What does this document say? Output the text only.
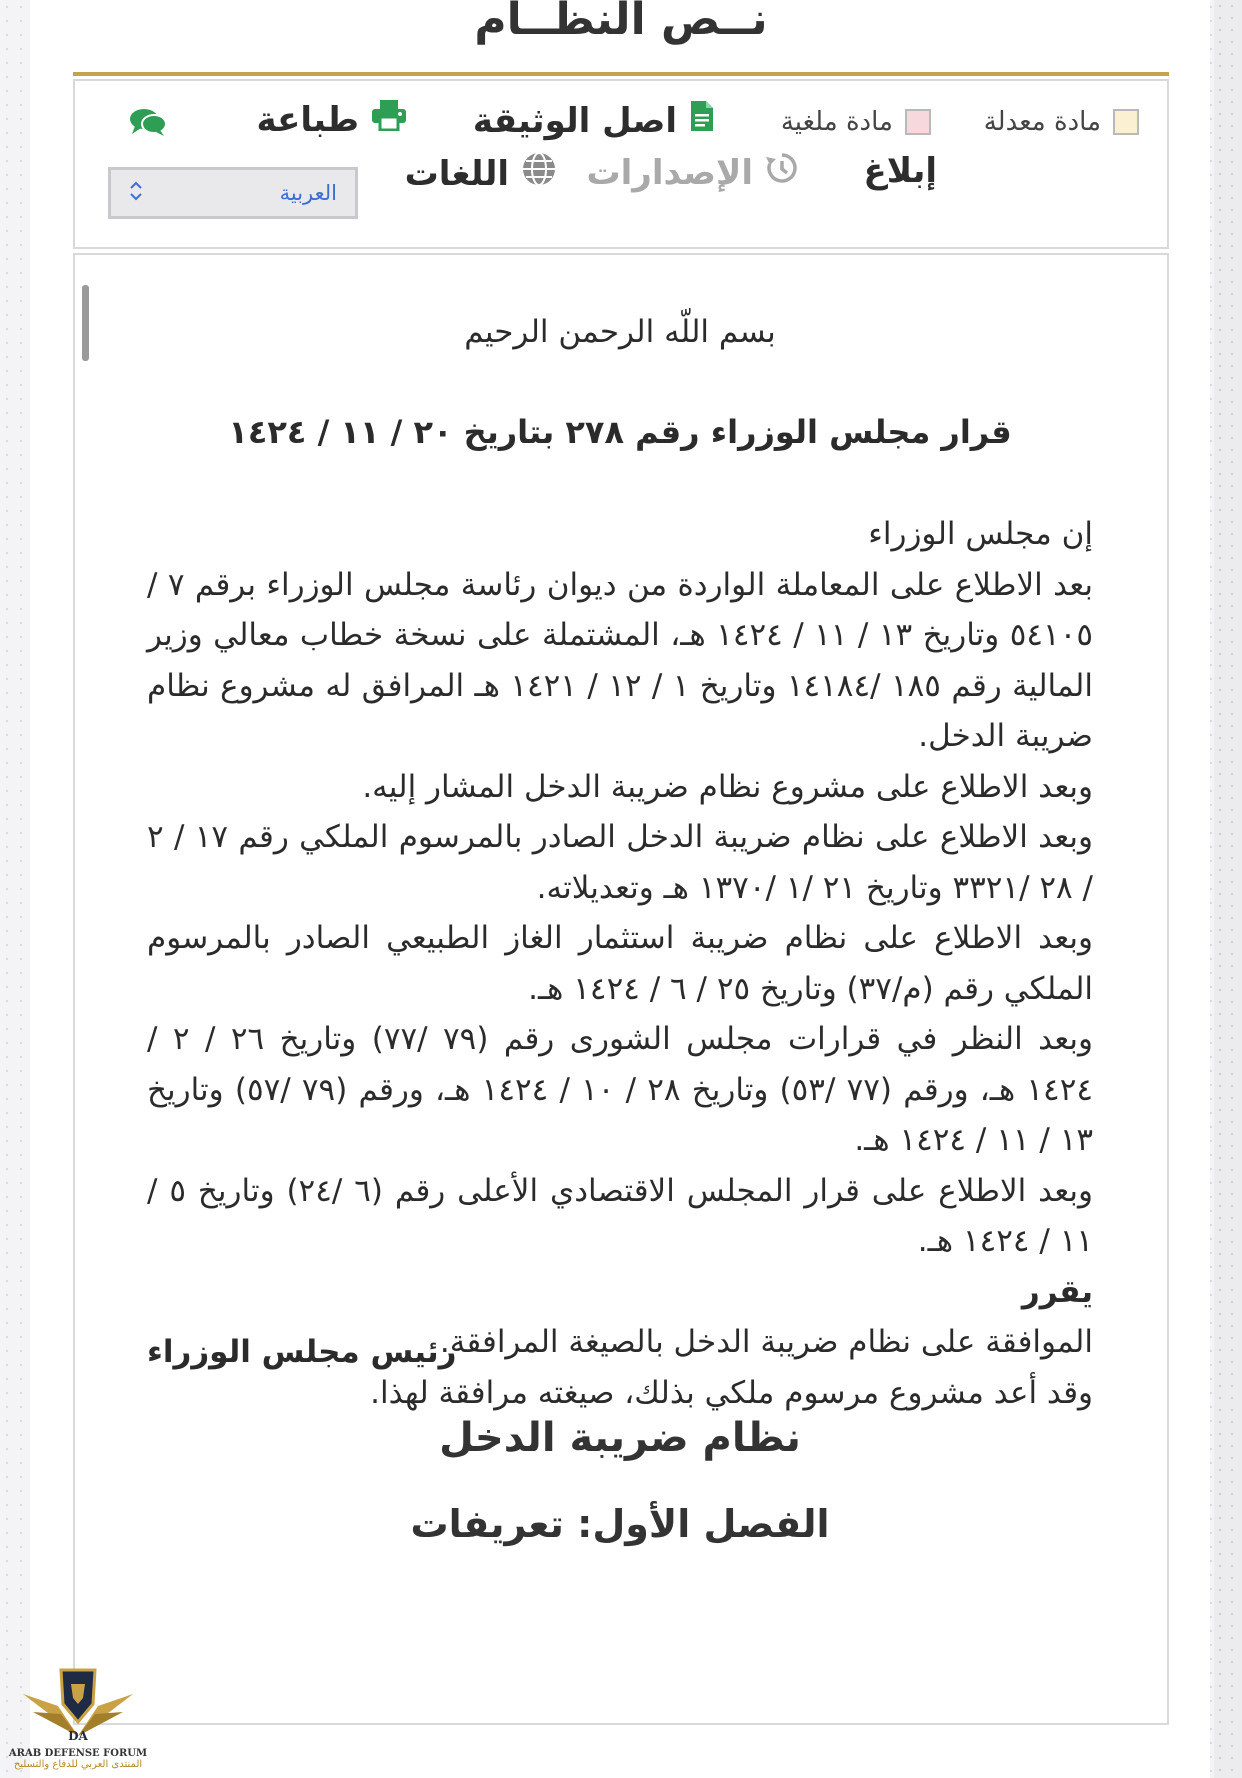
نــص النظــام
مادة معدلة
مادة ملغية
اصل الوثيقة
طباعة
إبلاغ
الإصدارات
اللغات
العربية
بسم اللّه الرحمن الرحيم
قرار مجلس الوزراء رقم ٢٧٨ بتاريخ ٢٠ / ١١ / ١٤٢٤

إن مجلس الوزراء

بعد الاطلاع على المعاملة الواردة من ديوان رئاسة مجلس الوزراء برقم ٧ /٥٤١٠٥ وتاريخ ١٣ / ١١ / ١٤٢٤ هـ، المشتملة على نسخة خطاب معالي وزير المالية رقم ١٨٥ /١٤١٨٤ وتاريخ ١ / ١٢ / ١٤٢١ هـ المرافق له مشروع نظام ضريبة الدخل.

وبعد الاطلاع على مشروع نظام ضريبة الدخل المشار إليه.

وبعد الاطلاع على نظام ضريبة الدخل الصادر بالمرسوم الملكي رقم ١٧ / ٢ / ٢٨ /٣٣٢١ وتاريخ ٢١ /١ /١٣٧٠ هـ وتعديلاته.

وبعد الاطلاع على نظام ضريبة استثمار الغاز الطبيعي الصادر بالمرسوم الملكي رقم (م/٣٧) وتاريخ ٢٥ / ٦ / ١٤٢٤ هـ.

وبعد النظر في قرارات مجلس الشورى رقم (٧٩ /٧٧) وتاريخ ٢٦ / ٢ / ١٤٢٤ هـ، ورقم (٧٧ /٥٣) وتاريخ ٢٨ / ١٠ / ١٤٢٤ هـ، ورقم (٧٩ /٥٧) وتاريخ ١٣ / ١١ / ١٤٢٤ هـ.

وبعد الاطلاع على قرار المجلس الاقتصادي الأعلى رقم (٦ /٢٤) وتاريخ ٥ / ١١ / ١٤٢٤ هـ.

يقرر

الموافقة على نظام ضريبة الدخل بالصيغة المرافقة.

وقد أعد مشروع مرسوم ملكي بذلك، صيغته مرافقة لهذا.

رئيس مجلس الوزراء
نظام ضريبة الدخل
الفصل الأول: تعريفات
DA
ARAB DEFENSE FORUM
المنتدى العربي للدفاع والتسليح
